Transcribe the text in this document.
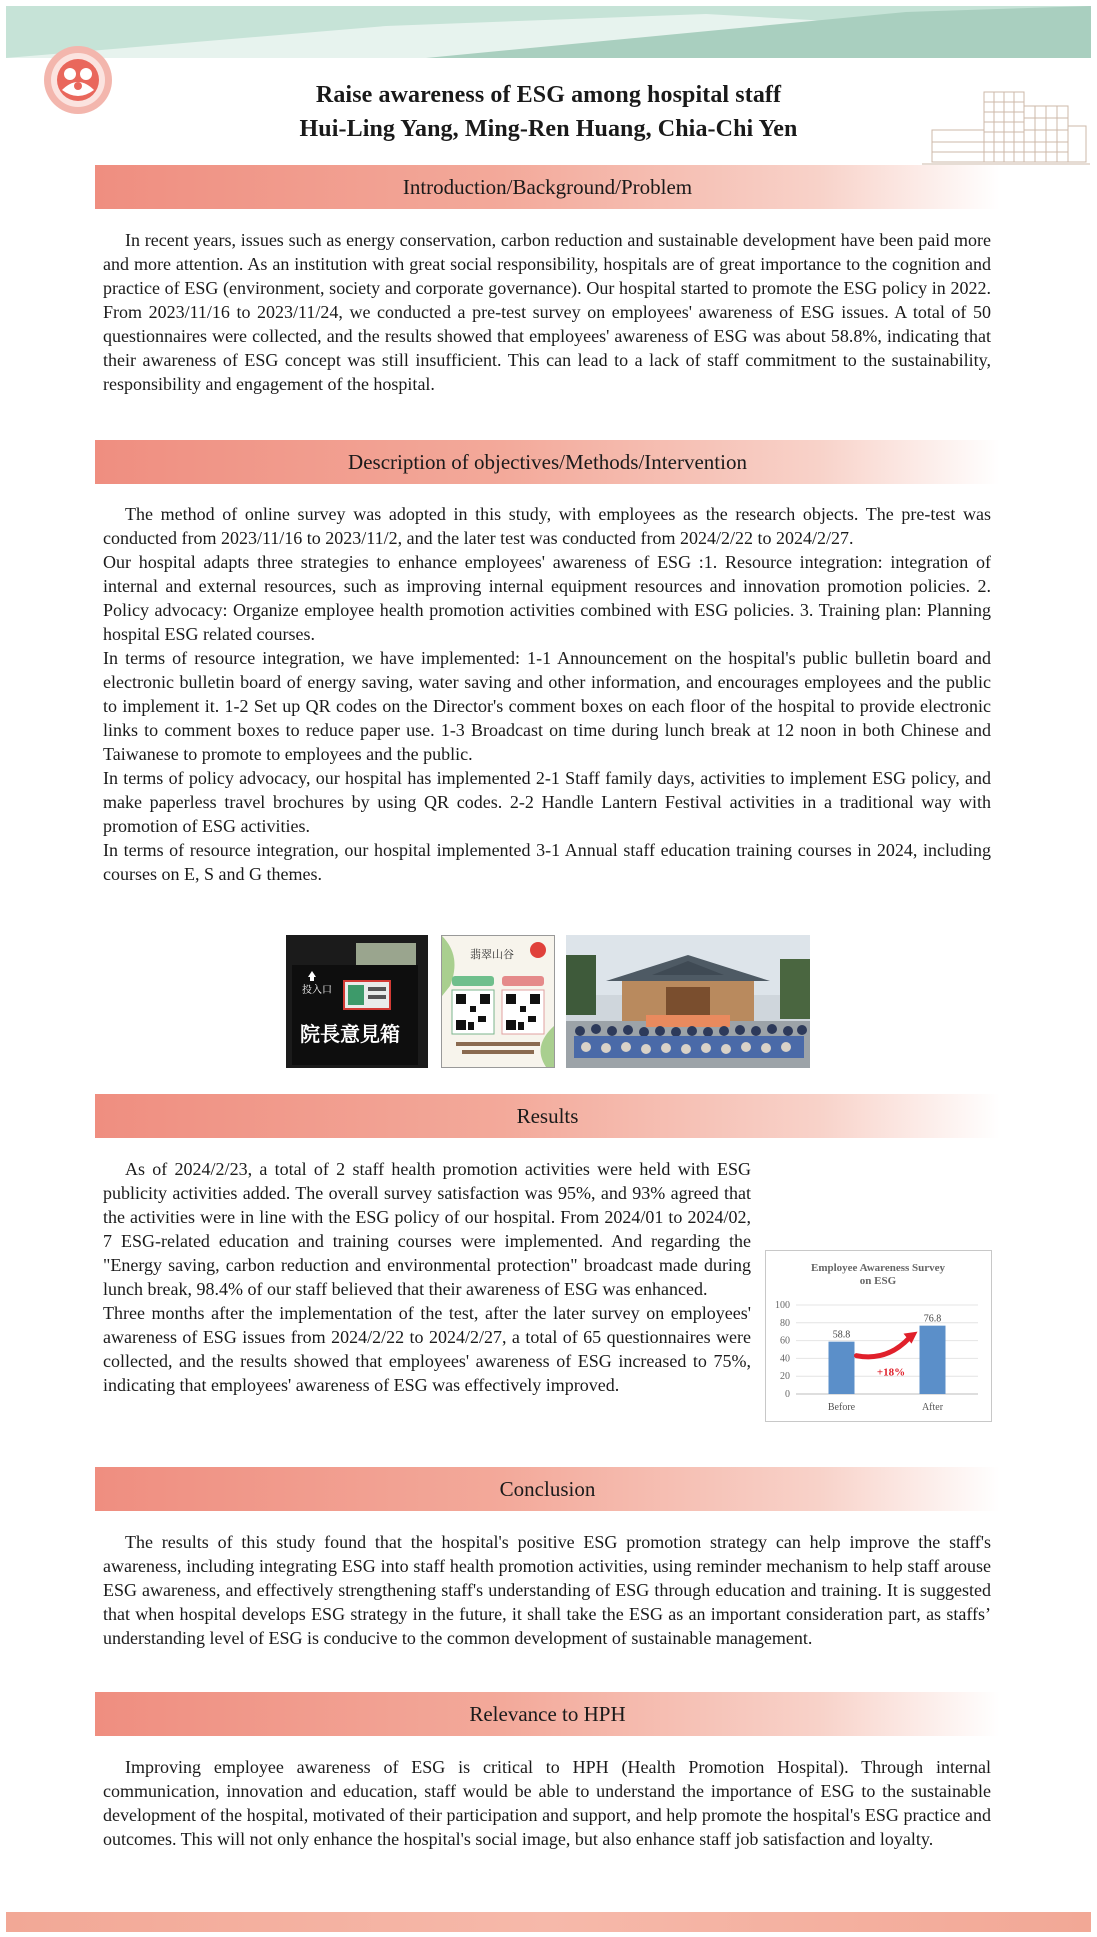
Raise awareness of ESG among hospital staff
Hui-Ling Yang, Ming-Ren Huang, Chia-Chi Yen
Introduction/Background/Problem

In recent years, issues such as energy conservation, carbon reduction and sustainable development have been paid more and more attention. As an institution with great social responsibility, hospitals are of great importance to the cognition and practice of ESG (environment, society and corporate governance). Our hospital started to promote the ESG policy in 2022. From 2023/11/16 to 2023/11/24, we conducted a pre-test survey on employees' awareness of ESG issues. A total of 50 questionnaires were collected, and the results showed that employees' awareness of ESG was about 58.8%, indicating that their awareness of ESG concept was still insufficient. This can lead to a lack of staff commitment to the sustainability, responsibility and engagement of the hospital.

Description of objectives/Methods/Intervention

The method of online survey was adopted in this study, with employees as the research objects. The pre-test was conducted from 2023/11/16 to 2023/11/2, and the later test was conducted from 2024/2/22 to 2024/2/27.

Our hospital adapts three strategies to enhance employees' awareness of ESG :1. Resource integration: integration of internal and external resources, such as improving internal equipment resources and innovation promotion policies. 2. Policy advocacy: Organize employee health promotion activities combined with ESG policies. 3. Training plan: Planning hospital ESG related courses.

In terms of resource integration, we have implemented: 1-1 Announcement on the hospital's public bulletin board and electronic bulletin board of energy saving, water saving and other information, and encourages employees and the public to implement it. 1-2 Set up QR codes on the Director's comment boxes on each floor of the hospital to provide electronic links to comment boxes to reduce paper use. 1-3 Broadcast on time during lunch break at 12 noon in both Chinese and Taiwanese to promote to employees and the public.

In terms of policy advocacy, our hospital has implemented 2-1 Staff family days, activities to implement ESG policy, and make paperless travel brochures by using QR codes. 2-2 Handle Lantern Festival activities in a traditional way with promotion of ESG activities.

In terms of resource integration, our hospital implemented 3-1 Annual staff education training courses in 2024, including courses on E, S and G themes.

投入口
院長意見箱
翡翠山谷
Results

As of 2024/2/23, a total of 2 staff health promotion activities were held with ESG publicity activities added. The overall survey satisfaction was 95%, and 93% agreed that the activities were in line with the ESG policy of our hospital. From 2024/01 to 2024/02, 7 ESG-related education and training courses were implemented. And regarding the "Energy saving, carbon reduction and environmental protection" broadcast made during lunch break, 98.4% of our staff believed that their awareness of ESG was enhanced.

Three months after the implementation of the test, after the later survey on employees' awareness of ESG issues from 2024/2/22 to 2024/2/27, a total of 65 questionnaires were collected, and the results showed that employees' awareness of ESG increased to 75%, indicating that employees' awareness of ESG was effectively improved.

Employee Awareness Survey
on ESG
0
20
40
60
80
100
58.8
Before
76.8
After
+18%
Conclusion

The results of this study found that the hospital's positive ESG promotion strategy can help improve the staff's awareness, including integrating ESG into staff health promotion activities, using reminder mechanism to help staff arouse ESG awareness, and effectively strengthening staff's understanding of ESG through education and training. It is suggested that when hospital develops ESG strategy in the future, it shall take the ESG as an important consideration part, as staffs’ understanding level of ESG is conducive to the common development of sustainable management.

Relevance to HPH

Improving employee awareness of ESG is critical to HPH (Health Promotion Hospital). Through internal communication, innovation and education, staff would be able to understand the importance of ESG to the sustainable development of the hospital, motivated of their participation and support, and help promote the hospital's ESG practice and outcomes. This will not only enhance the hospital's social image, but also enhance staff job satisfaction and loyalty.
